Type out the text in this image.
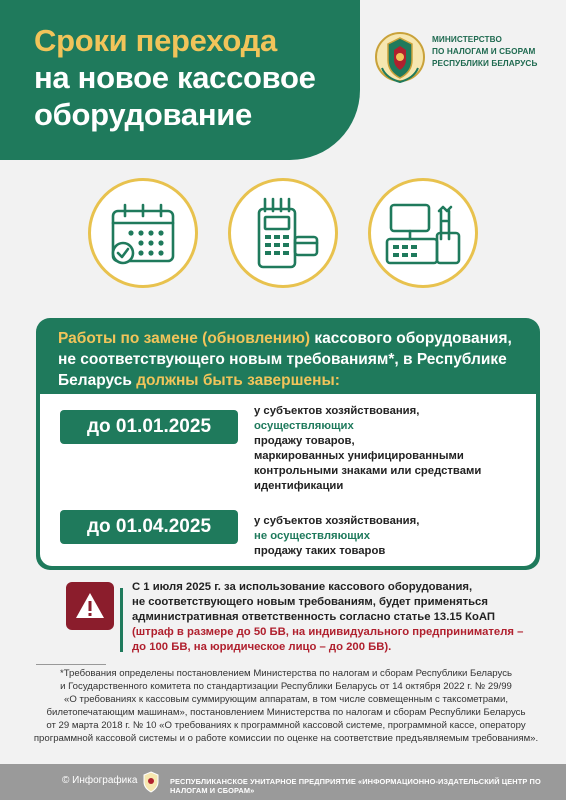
Сроки перехода
на новое кассовое
оборудование
МИНИСТЕРСТВО
ПО НАЛОГАМ И СБОРАМ
РЕСПУБЛИКИ БЕЛАРУСЬ
Работы по замене (обновлению) кассового оборудования,
не соответствующего новым требованиям*, в Республике
Беларусь должны быть завершены:
до 01.01.2025
у субъектов хозяйствования,
осуществляющих
продажу товаров,
маркированных унифицированными
контрольными знаками или средствами
идентификации
до 01.04.2025	у субъектов хозяйствования,
не осуществляющих
продажу таких товаров
С 1 июля 2025 г. за использование кассового оборудования,
не соответствующего новым требованиям, будет применяться
административная ответственность согласно статье 13.15 КоАП
(штраф в размере до 50 БВ, на индивидуального предпринимателя –
до 100 БВ, на юридическое лицо – до 200 БВ).
*Требования определены постановлением Министерства по налогам и сборам Республики Беларусь
и Государственного комитета по стандартизации Республики Беларусь от 14 октября 2022 г. № 29/99
«О требованиях к кассовым суммирующим аппаратам, в том числе совмещенным с таксометрами,
билетопечатающим машинам», постановлением Министерства по налогам и сборам Республики Беларусь
от 29 марта 2018 г. № 10 «О требованиях к программной кассовой системе, программной кассе, оператору
программной кассовой системы и о работе комиссии по оценке на соответствие предъявляемым требованиям».
© Инфографика	РЕСПУБЛИКАНСКОЕ УНИТАРНОЕ ПРЕДПРИЯТИЕ «ИНФОРМАЦИОННО-ИЗДАТЕЛЬСКИЙ ЦЕНТР ПО НАЛОГАМ И СБОРАМ»
